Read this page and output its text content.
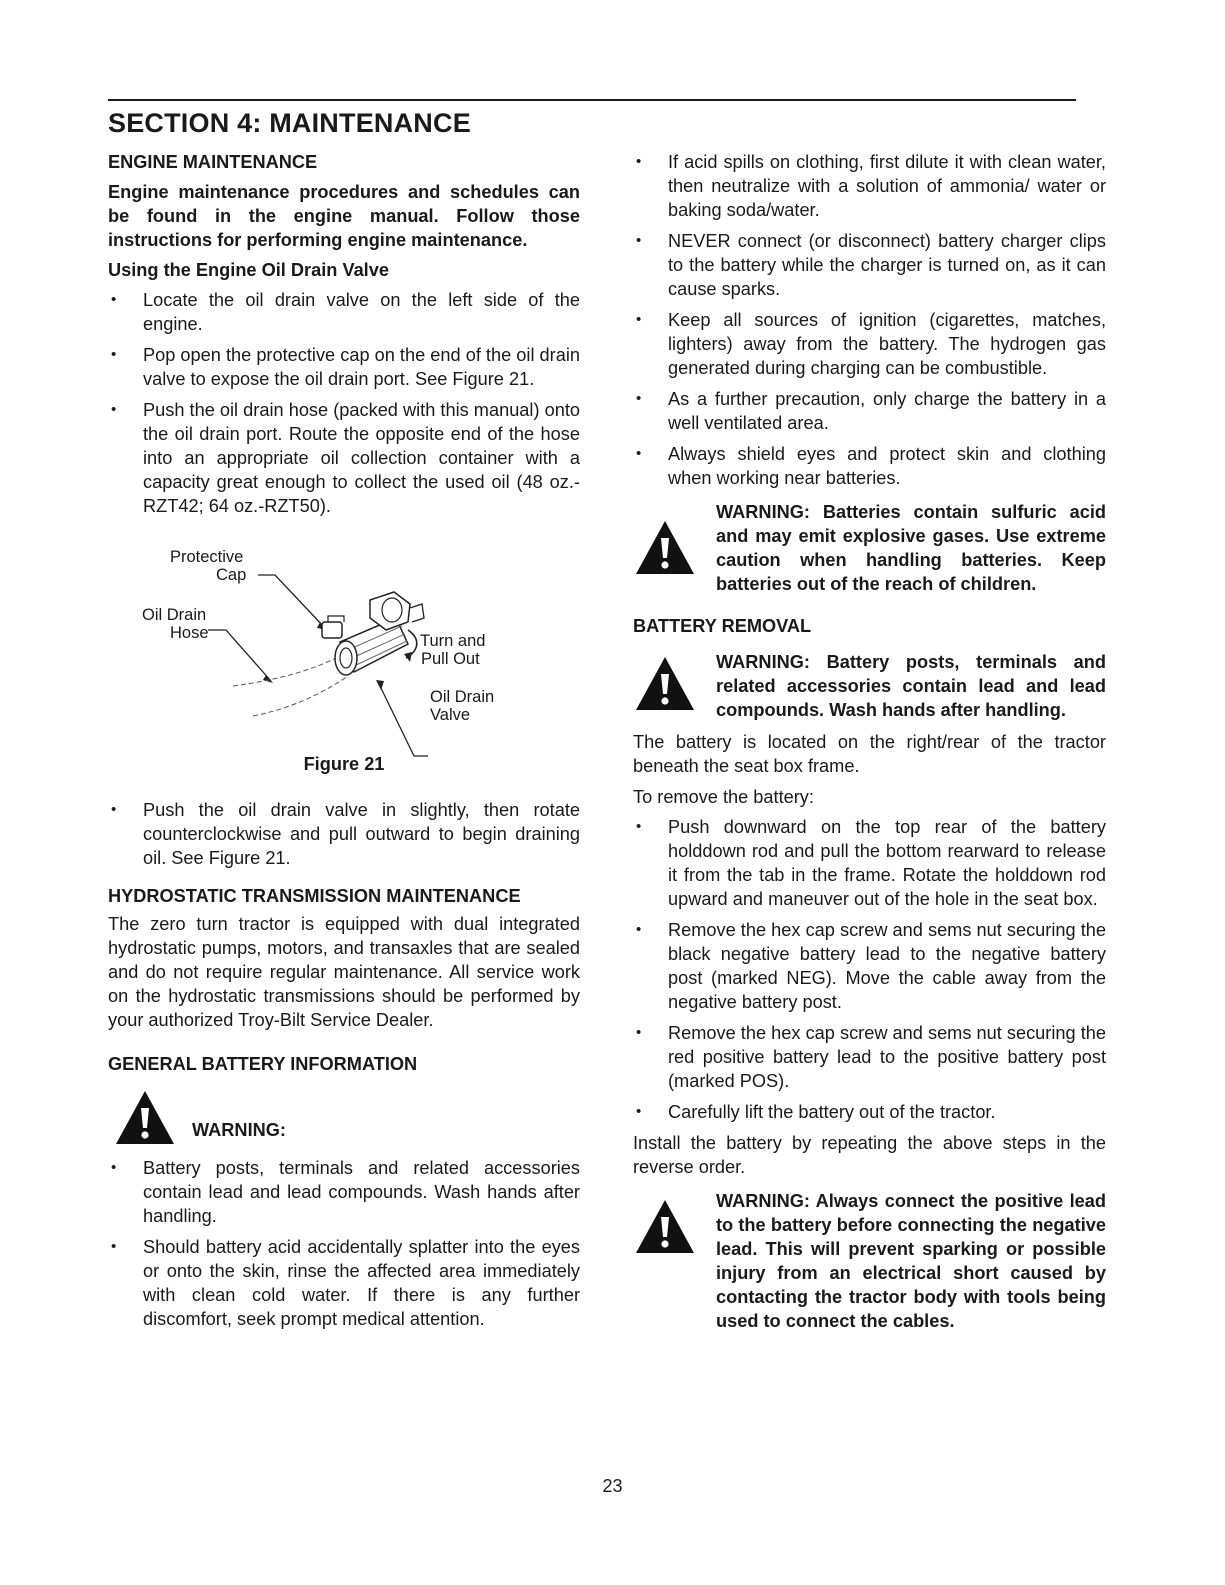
SECTION 4: MAINTENANCE
ENGINE MAINTENANCE

Engine maintenance procedures and schedules can be found in the engine manual. Follow those instructions for performing engine maintenance.

Using the Engine Oil Drain Valve
• Locate the oil drain valve on the left side of the engine.
• Pop open the protective cap on the end of the oil drain valve to expose the oil drain port. See Figure 21.
• Push the oil drain hose (packed with this manual) onto the oil drain port. Route the opposite end of the hose into an appropriate oil collection container with a capacity great enough to collect the used oil (48 oz.- RZT42; 64 oz.-RZT50).
Protective
Cap
Oil Drain
Hose	Turn and
Pull Out
Oil Drain
Valve
Figure 21
• Push the oil drain valve in slightly, then rotate counterclockwise and pull outward to begin draining oil. See Figure 21.
HYDROSTATIC TRANSMISSION MAINTENANCE

The zero turn tractor is equipped with dual integrated hydrostatic pumps, motors, and transaxles that are sealed and do not require regular maintenance. All service work on the hydrostatic transmissions should be performed by your authorized Troy-Bilt Service Dealer.

GENERAL BATTERY INFORMATION
WARNING:
• Battery posts, terminals and related accessories contain lead and lead compounds. Wash hands after handling.
• Should battery acid accidentally splatter into the eyes or onto the skin, rinse the affected area immediately with clean cold water. If there is any further discomfort, seek prompt medical attention.
• If acid spills on clothing, first dilute it with clean water, then neutralize with a solution of ammonia/ water or baking soda/water.
• NEVER connect (or disconnect) battery charger clips to the battery while the charger is turned on, as it can cause sparks.
• Keep all sources of ignition (cigarettes, matches, lighters) away from the battery. The hydrogen gas generated during charging can be combustible.
• As a further precaution, only charge the battery in a well ventilated area.
• Always shield eyes and protect skin and clothing when working near batteries.
WARNING: Batteries contain sulfuric acid and may emit explosive gases. Use extreme caution when handling batteries. Keep batteries out of the reach of children.
BATTERY REMOVAL
WARNING: Battery posts, terminals and related accessories contain lead and lead compounds. Wash hands after handling.

The battery is located on the right/rear of the tractor beneath the seat box frame.

To remove the battery:

• Push downward on the top rear of the battery holddown rod and pull the bottom rearward to release it from the tab in the frame. Rotate the holddown rod upward and maneuver out of the hole in the seat box.
• Remove the hex cap screw and sems nut securing the black negative battery lead to the negative battery post (marked NEG). Move the cable away from the negative battery post.
• Remove the hex cap screw and sems nut securing the red positive battery lead to the positive battery post (marked POS).
• Carefully lift the battery out of the tractor.

Install the battery by repeating the above steps in the reverse order.

WARNING: Always connect the positive lead to the battery before connecting the negative lead. This will prevent sparking or possible injury from an electrical short caused by contacting the tractor body with tools being used to connect the cables.
23
